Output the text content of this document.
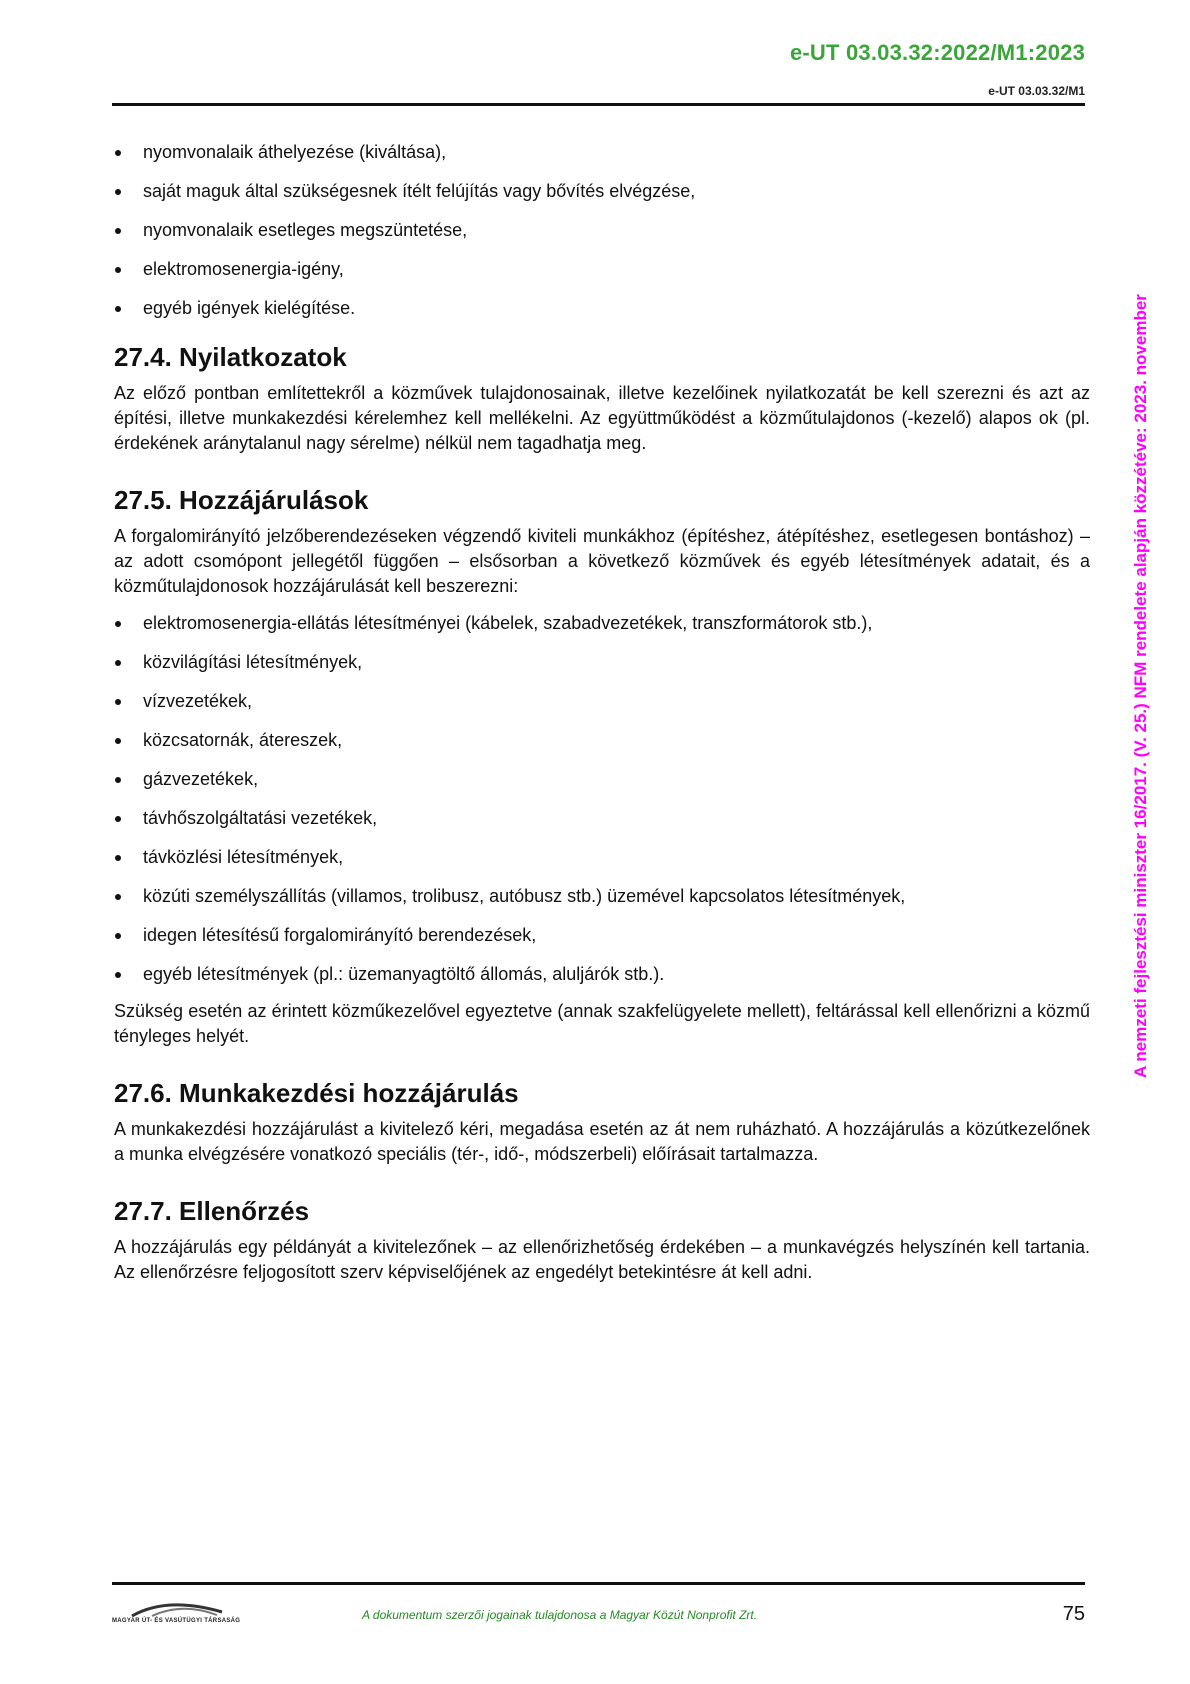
e-UT 03.03.32:2022/M1:2023
e-UT 03.03.32/M1
A nemzeti fejlesztési miniszter 16/2017. (V. 25.) NFM rendelete alapján közzétéve: 2023. november
nyomvonalaik áthelyezése (kiváltása),
saját maguk által szükségesnek ítélt felújítás vagy bővítés elvégzése,
nyomvonalaik esetleges megszüntetése,
elektromosenergia-igény,
egyéb igények kielégítése.
27.4. Nyilatkozatok

Az előző pontban említettekről a közművek tulajdonosainak, illetve kezelőinek nyilatkozatát be kell szerezni és azt az építési, illetve munkakezdési kérelemhez kell mellékelni. Az együttműködést a közműtulajdonos (-kezelő) alapos ok (pl. érdekének aránytalanul nagy sérelme) nélkül nem tagadhatja meg.

27.5. Hozzájárulások

A forgalomirányító jelzőberendezéseken végzendő kiviteli munkákhoz (építéshez, átépítéshez, esetlegesen bontáshoz) – az adott csomópont jellegétől függően – elsősorban a következő közművek és egyéb létesítmények adatait, és a közműtulajdonosok hozzájárulását kell beszerezni:

elektromosenergia-ellátás létesítményei (kábelek, szabadvezetékek, transzformátorok stb.),
közvilágítási létesítmények,
vízvezetékek,
közcsatornák, átereszek,
gázvezetékek,
távhőszolgáltatási vezetékek,
távközlési létesítmények,
közúti személyszállítás (villamos, trolibusz, autóbusz stb.) üzemével kapcsolatos létesítmények,
idegen létesítésű forgalomirányító berendezések,
egyéb létesítmények (pl.: üzemanyagtöltő állomás, aluljárók stb.).

Szükség esetén az érintett közműkezelővel egyeztetve (annak szakfelügyelete mellett), feltárással kell ellenőrizni a közmű tényleges helyét.

27.6. Munkakezdési hozzájárulás

A munkakezdési hozzájárulást a kivitelező kéri, megadása esetén az át nem ruházható. A hozzájárulás a közútkezelőnek a munka elvégzésére vonatkozó speciális (tér-, idő-, módszerbeli) előírásait tartalmazza.

27.7. Ellenőrzés

A hozzájárulás egy példányát a kivitelezőnek – az ellenőrizhetőség érdekében – a munkavégzés helyszínén kell tartania. Az ellenőrzésre feljogosított szerv képviselőjének az engedélyt betekintésre át kell adni.

MAGYAR ÚT- ÉS VASÚTÜGYI TÁRSASÁG	A dokumentum szerzői jogainak tulajdonosa a Magyar Közút Nonprofit Zrt.	75
